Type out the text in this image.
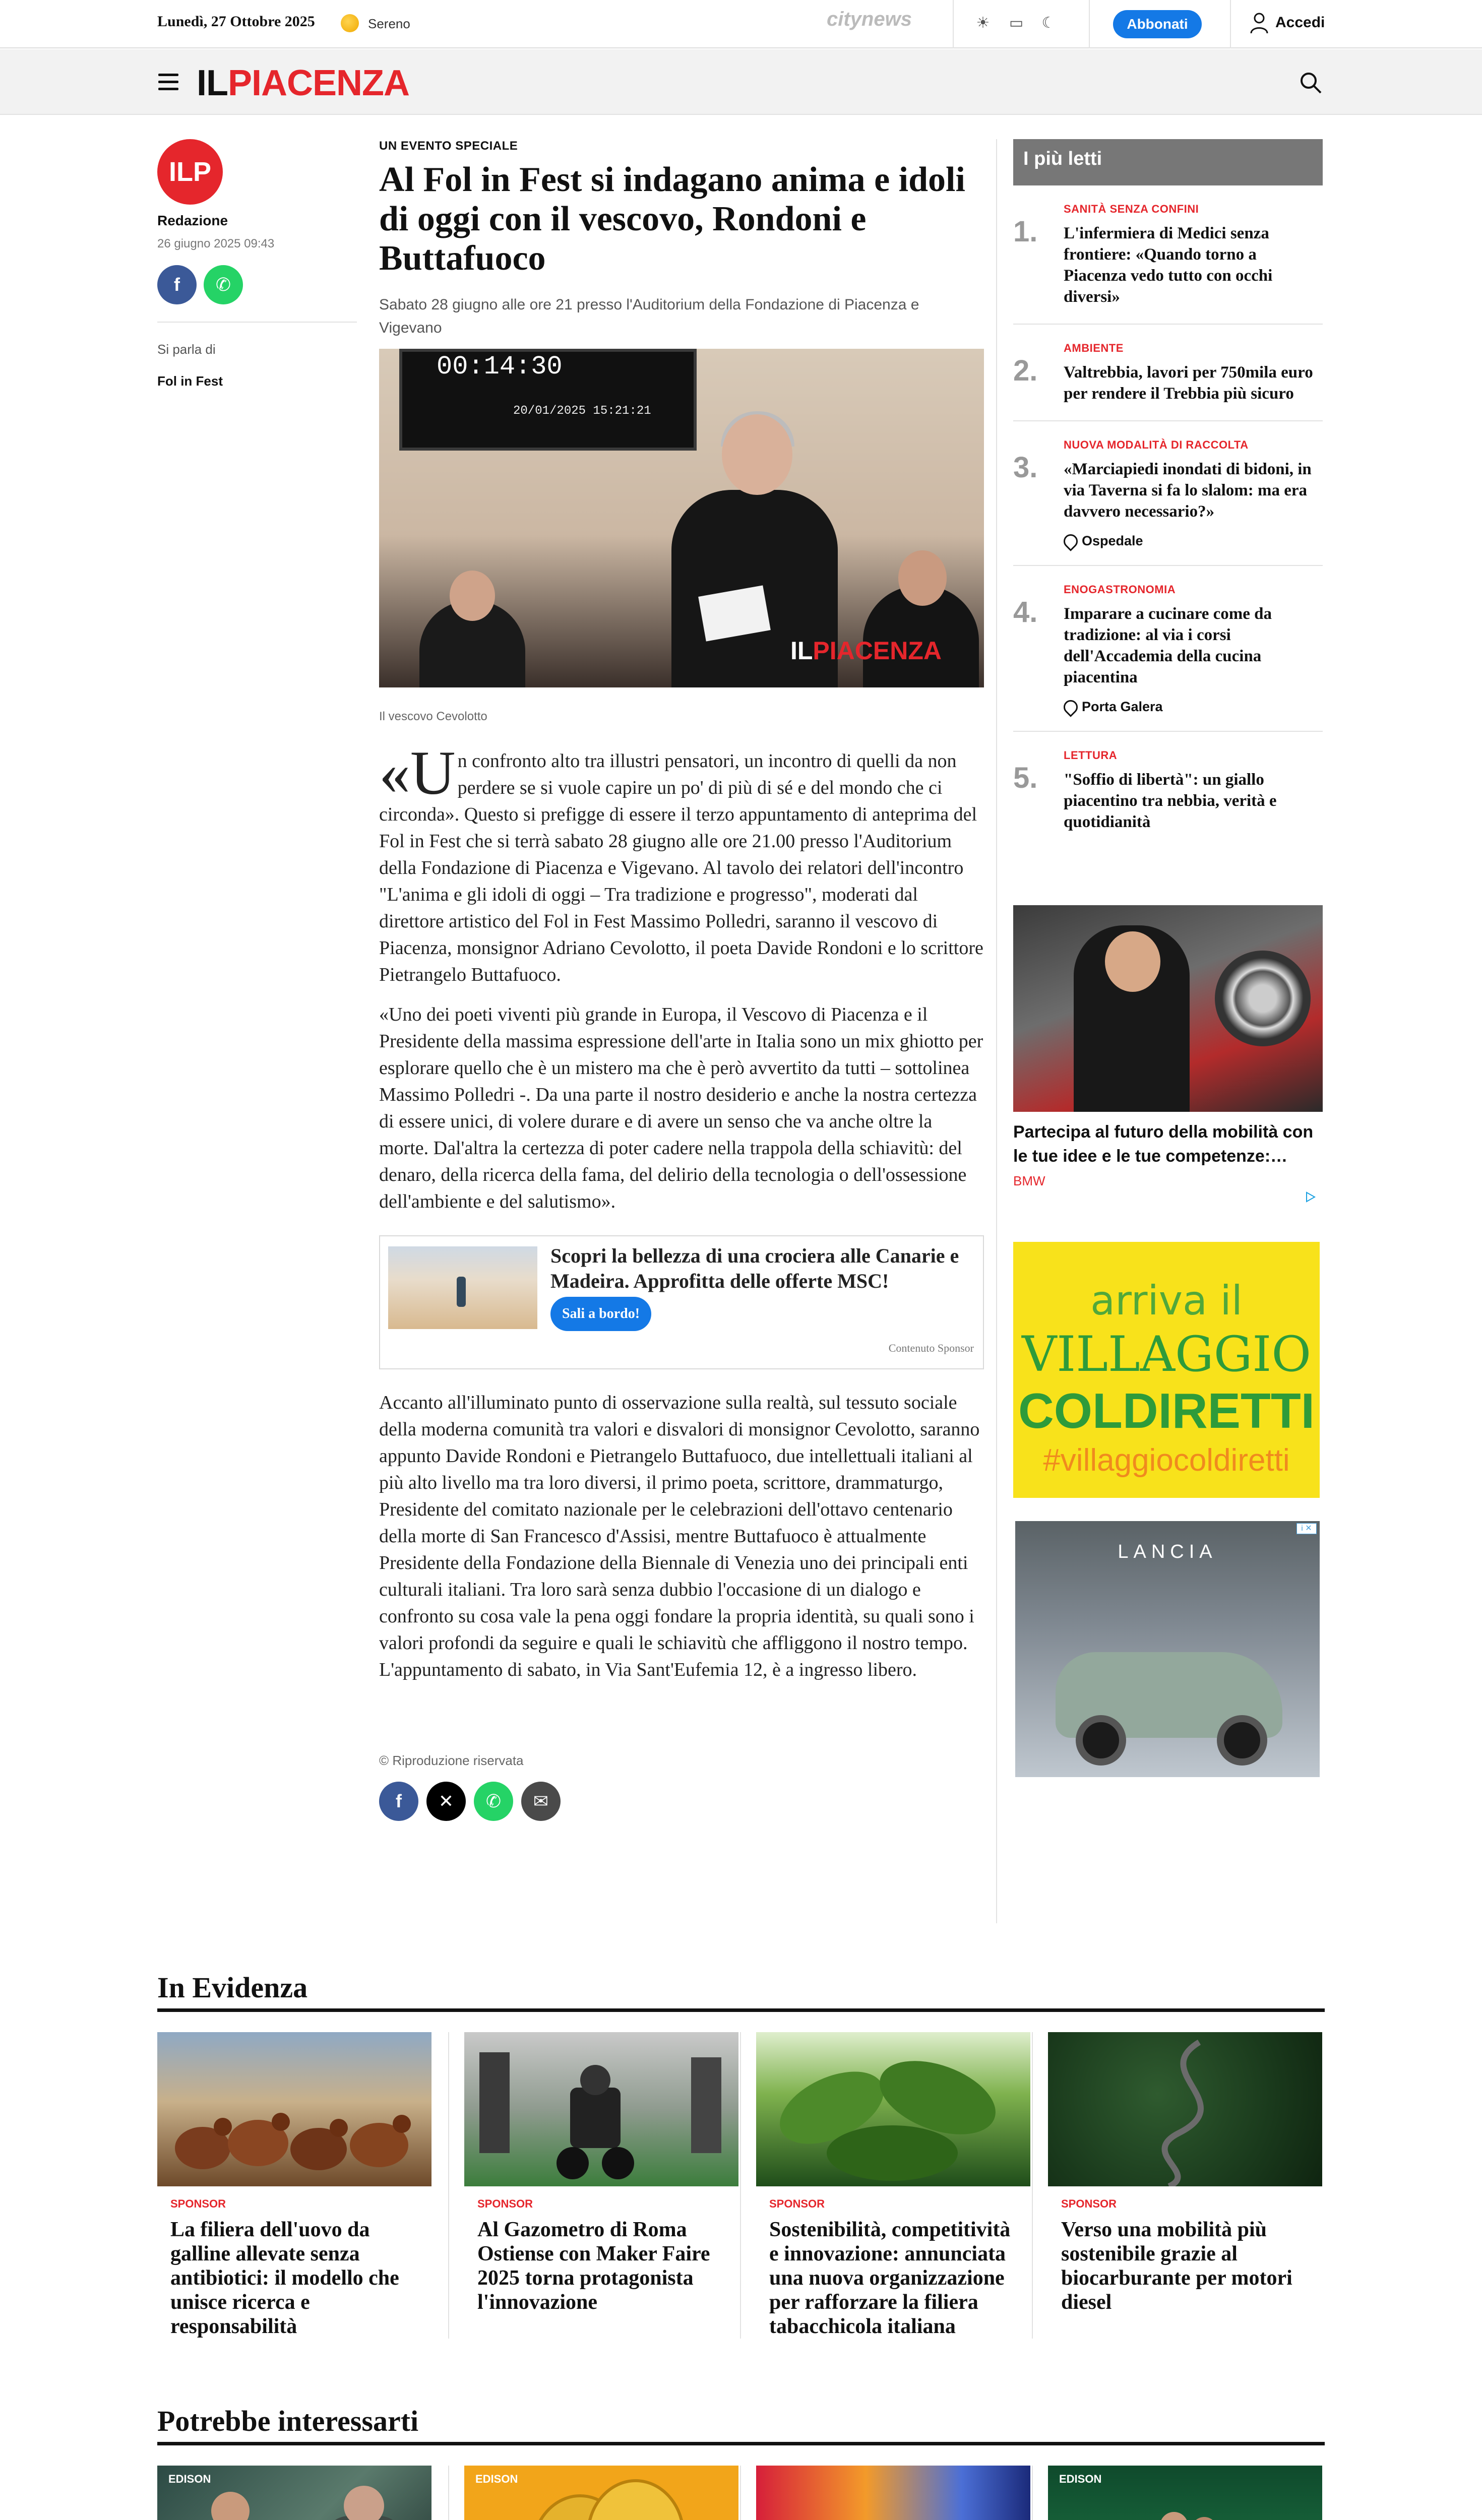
Lunedì, 27 Ottobre 2025	Sereno	citynews	☀ ▭ ☾	Abbonati	Accedi
ILPIACENZA
ILP
Redazione
26 giugno 2025 09:43
f	✆
Si parla di
Fol in Fest
UN EVENTO SPECIALE
Al Fol in Fest si indagano anima e idoli di oggi con il vescovo, Rondoni e Buttafuoco
Sabato 28 giugno alle ore 21 presso l'Auditorium della Fondazione di Piacenza e Vigevano
00:14:30
20/01/2025 15:21:21
ILPIACENZA
Il vescovo Cevolotto

«Un confronto alto tra illustri pensatori, un incontro di quelli da non perdere se si vuole capire un po' di più di sé e del mondo che ci circonda». Questo si prefigge di essere il terzo appuntamento di anteprima del Fol in Fest che si terrà sabato 28 giugno alle ore 21.00 presso l'Auditorium della Fondazione di Piacenza e Vigevano. Al tavolo dei relatori dell'incontro "L'anima e gli idoli di oggi – Tra tradizione e progresso", moderati dal direttore artistico del Fol in Fest Massimo Polledri, saranno il vescovo di Piacenza, monsignor Adriano Cevolotto, il poeta Davide Rondoni e lo scrittore Pietrangelo Buttafuoco.

«Uno dei poeti viventi più grande in Europa, il Vescovo di Piacenza e il Presidente della massima espressione dell'arte in Italia sono un mix ghiotto per esplorare quello che è un mistero ma che è però avvertito da tutti – sottolinea Massimo Polledri -. Da una parte il nostro desiderio e anche la nostra certezza di essere unici, di volere durare e di avere un senso che va anche oltre la morte. Dal'altra la certezza di poter cadere nella trappola della schiavitù: del denaro, della ricerca della fama, del delirio della tecnologia o dell'ossessione dell'ambiente e del salutismo».

Scopri la bellezza di una crociera alle Canarie e Madeira. Approfitta delle offerte MSC!
Sali a bordo!
Contenuto Sponsor

Accanto all'illuminato punto di osservazione sulla realtà, sul tessuto sociale della moderna comunità tra valori e disvalori di monsignor Cevolotto, saranno appunto Davide Rondoni e Pietrangelo Buttafuoco, due intellettuali italiani al più alto livello ma tra loro diversi, il primo poeta, scrittore, drammaturgo, Presidente del comitato nazionale per le celebrazioni dell'ottavo centenario della morte di San Francesco d'Assisi, mentre Buttafuoco è attualmente Presidente della Fondazione della Biennale di Venezia uno dei principali enti culturali italiani. Tra loro sarà senza dubbio l'occasione di un dialogo e confronto su cosa vale la pena oggi fondare la propria identità, su quali sono i valori profondi da seguire e quali le schiavitù che affliggono il nostro tempo. L'appuntamento di sabato, in Via Sant'Eufemia 12, è a ingresso libero.

© Riproduzione riservata
f	✕	✆	✉
I più letti
1.
SANITÀ SENZA CONFINI
L'infermiera di Medici senza frontiere: «Quando torno a Piacenza vedo tutto con occhi diversi»
2.
AMBIENTE
Valtrebbia, lavori per 750mila euro per rendere il Trebbia più sicuro
3.
NUOVA MODALITÀ DI RACCOLTA
«Marciapiedi inondati di bidoni, in via Taverna si fa lo slalom: ma era davvero necessario?»
Ospedale
4.
ENOGASTRONOMIA
Imparare a cucinare come da tradizione: al via i corsi dell'Accademia della cucina piacentina
Porta Galera
5.
LETTURA
"Soffio di libertà": un giallo piacentino tra nebbia, verità e quotidianità
Partecipa al futuro della mobilità con le tue idee e le tue competenze:…
BMW
arriva il
VILLAGGIO
COLDIRETTI
#villaggiocoldiretti
LANCIA
i ✕
In Evidenza
SPONSOR
La filiera dell'uovo da galline allevate senza antibiotici: il modello che unisce ricerca e responsabilità
SPONSOR
Al Gazometro di Roma Ostiense con Maker Faire 2025 torna protagonista l'innovazione
SPONSOR
Sostenibilità, competitività e innovazione: annunciata una nuova organizzazione per rafforzare la filiera tabacchicola italiana
SPONSOR
Verso una mobilità più sostenibile grazie al biocarburante per motori diesel
Potrebbe interessarti
EDISON	EDISON	EDISON
